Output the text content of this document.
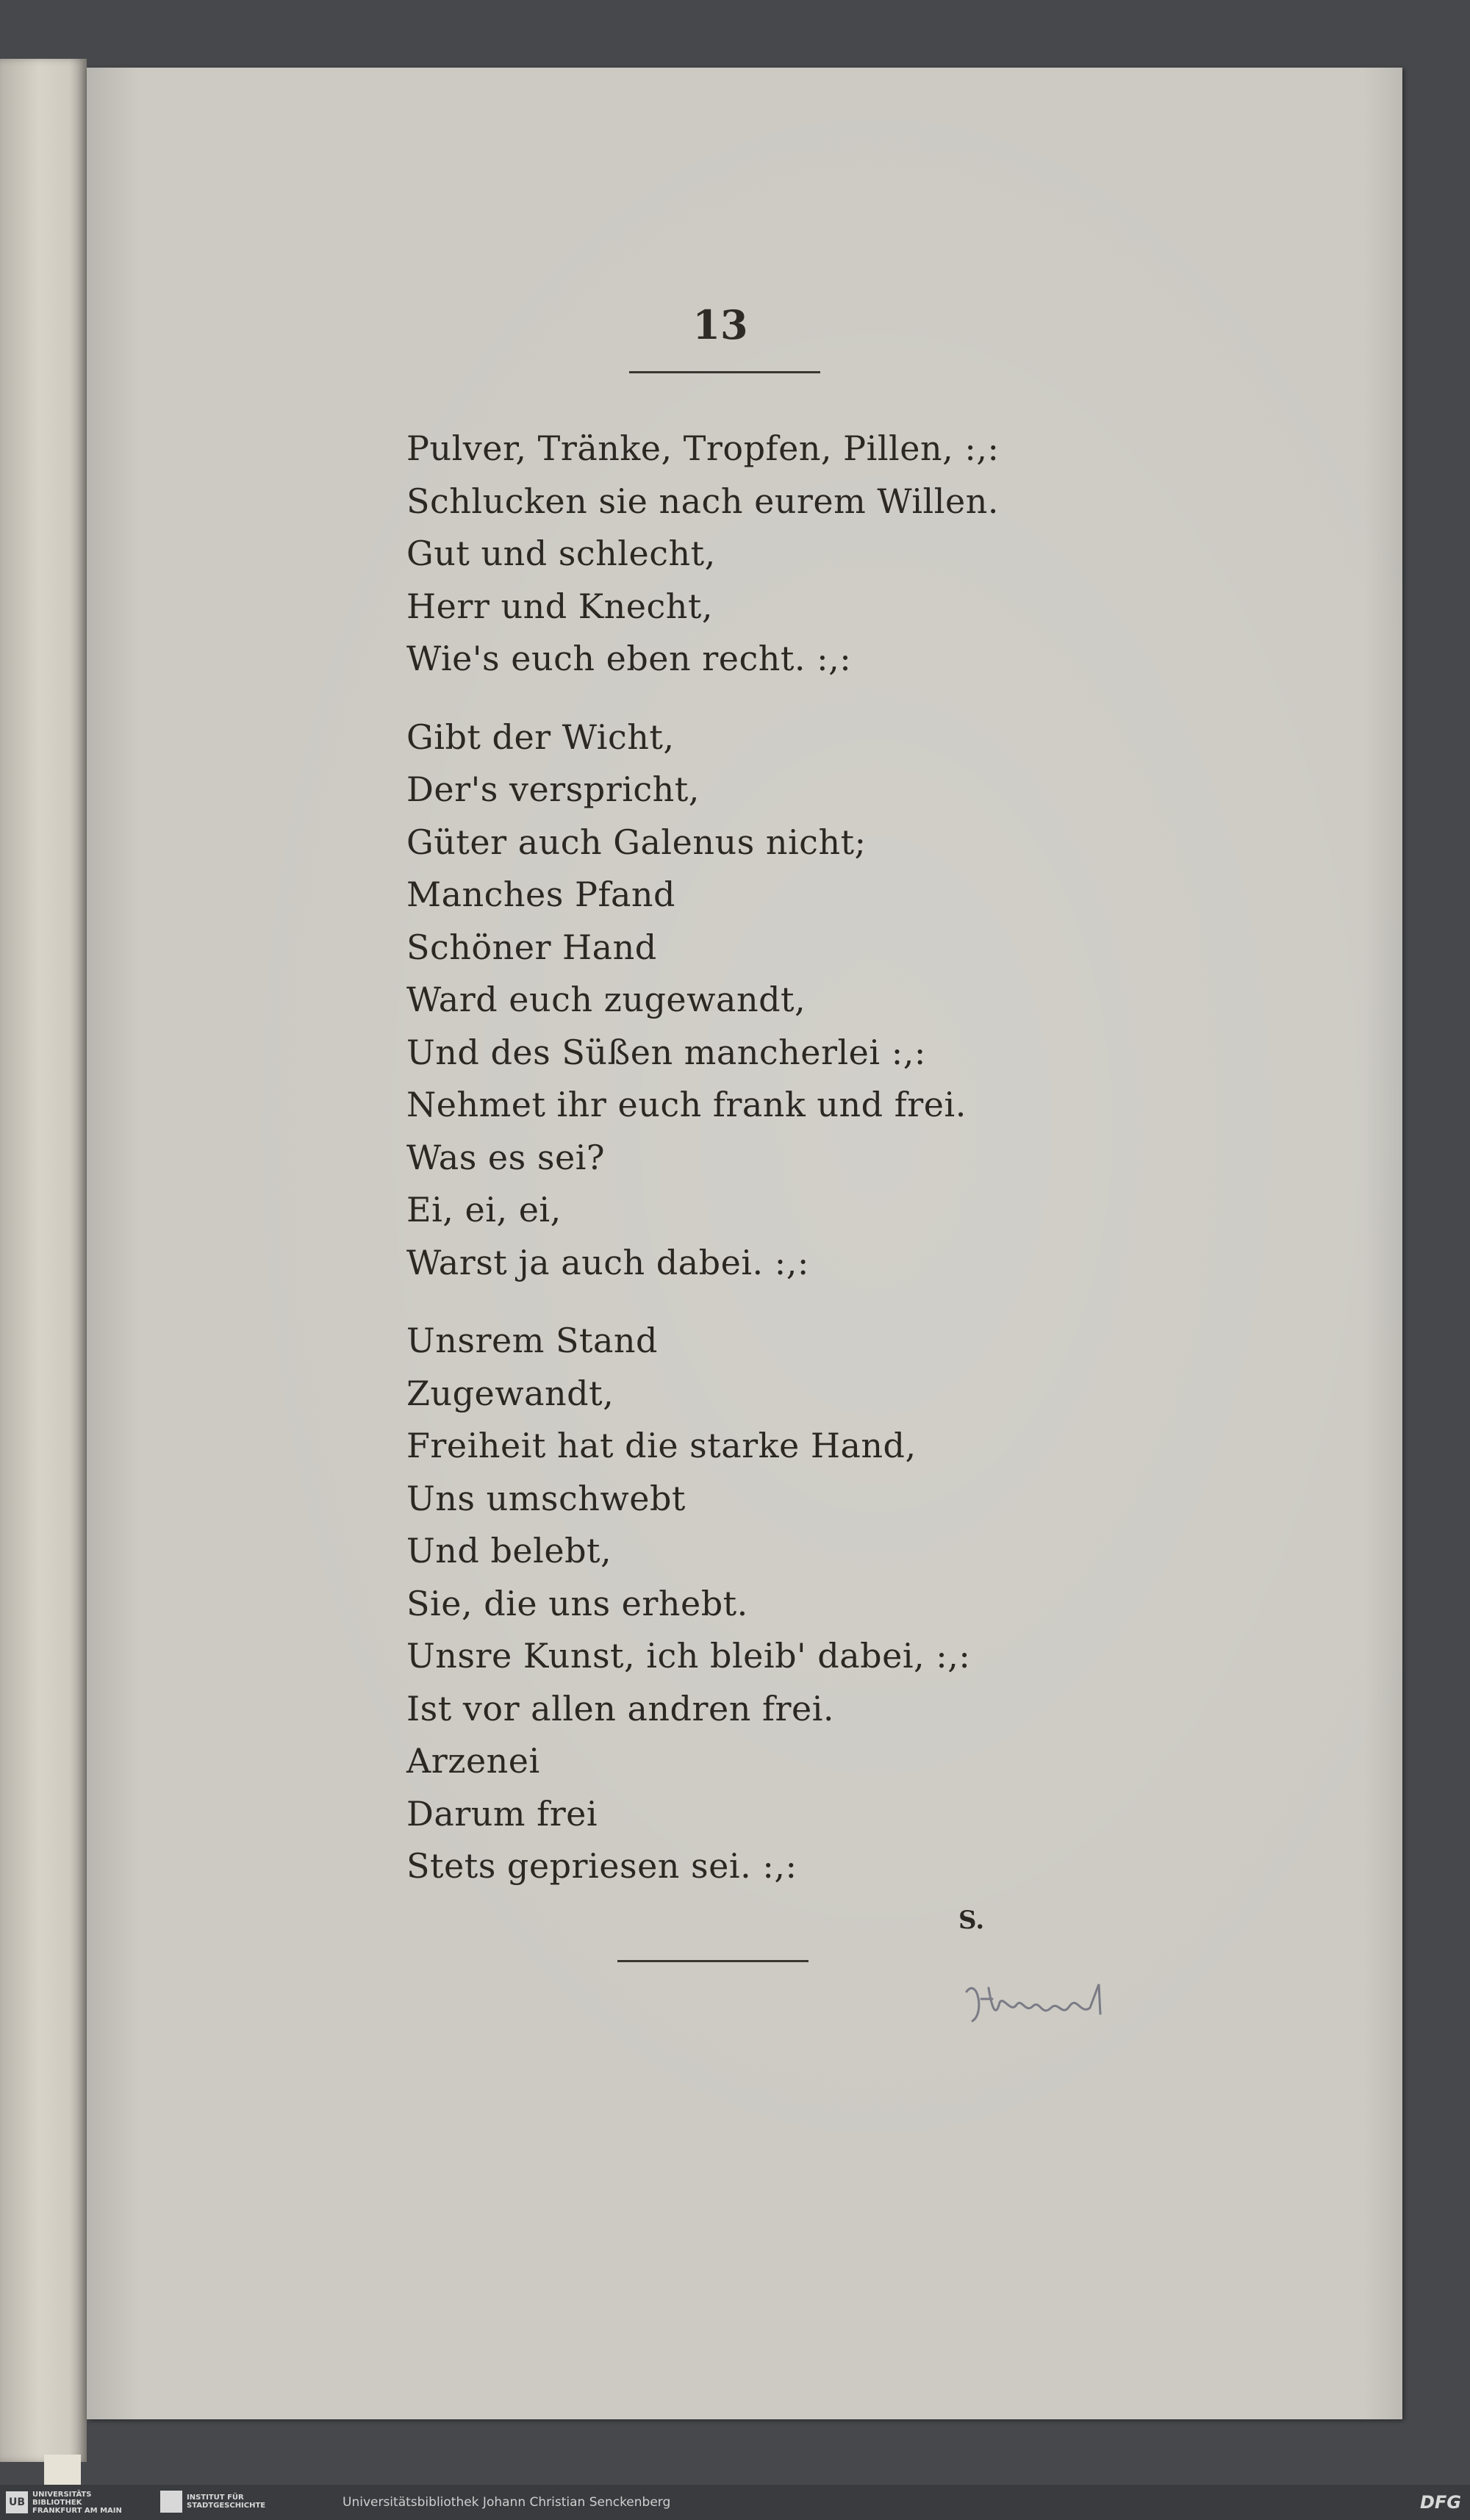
13
Pulver, Tränke, Tropfen, Pillen, :,:
Schlucken sie nach eurem Willen.
Gut und schlecht,
Herr und Knecht,
Wie's euch eben recht. :,:
Gibt der Wicht,
Der's verspricht,
Güter auch Galenus nicht;
Manches Pfand
Schöner Hand
Ward euch zugewandt,
Und des Süßen mancherlei :,:
Nehmet ihr euch frank und frei.
Was es sei?
Ei, ei, ei,
Warst ja auch dabei. :,:
Unsrem Stand
Zugewandt,
Freiheit hat die starke Hand,
Uns umschwebt
Und belebt,
Sie, die uns erhebt.
Unsre Kunst, ich bleib' dabei, :,:
Ist vor allen andren frei.
Arzenei
Darum frei
Stets gepriesen sei. :,:
S.
UB
UNIVERSITÄTS
BIBLIOTHEK
FRANKFURT AM MAIN
INSTITUT FÜR
STADTGESCHICHTE	Universitätsbibliothek Johann Christian Senckenberg	DFG
